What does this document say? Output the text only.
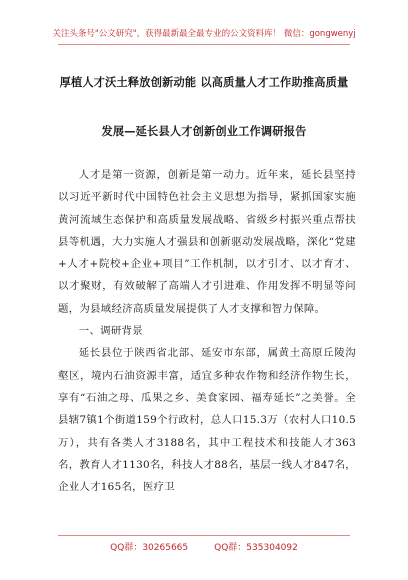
关注头条号"公文研究"，获得最新最全最专业的公文资料库！ 微信：gongwenyj
厚植人才沃土释放创新动能 以高质量人才工作助推高质量
发展—延长县人才创新创业工作调研报告

人才是第一资源，创新是第一动力。近年来，延长县坚持以习近平新时代中国特色社会主义思想为指导，紧抓国家实施黄河流域生态保护和高质量发展战略、省级乡村振兴重点帮扶县等机遇，大力实施人才强县和创新驱动发展战略，深化“党建+人才+院校+企业+项目”工作机制，以才引才、以才育才、以才聚财，有效破解了高端人才引进难、作用发挥不明显等问题，为县域经济高质量发展提供了人才支撑和智力保障。

一、调研背景

延长县位于陕西省北部、延安市东部，属黄土高原丘陵沟壑区，境内石油资源丰富，适宜多种农作物和经济作物生长，享有“石油之母、瓜果之乡、美食家园、福寿延长”之美誉。全县辖7镇1个街道159个行政村，总人口15.3万（农村人口10.5万），共有各类人才3188名，其中工程技术和技能人才363名，教育人才1130名，科技人才88名，基层一线人才847名，企业人才165名，医疗卫

QQ群：30265665	QQ群：535304092
